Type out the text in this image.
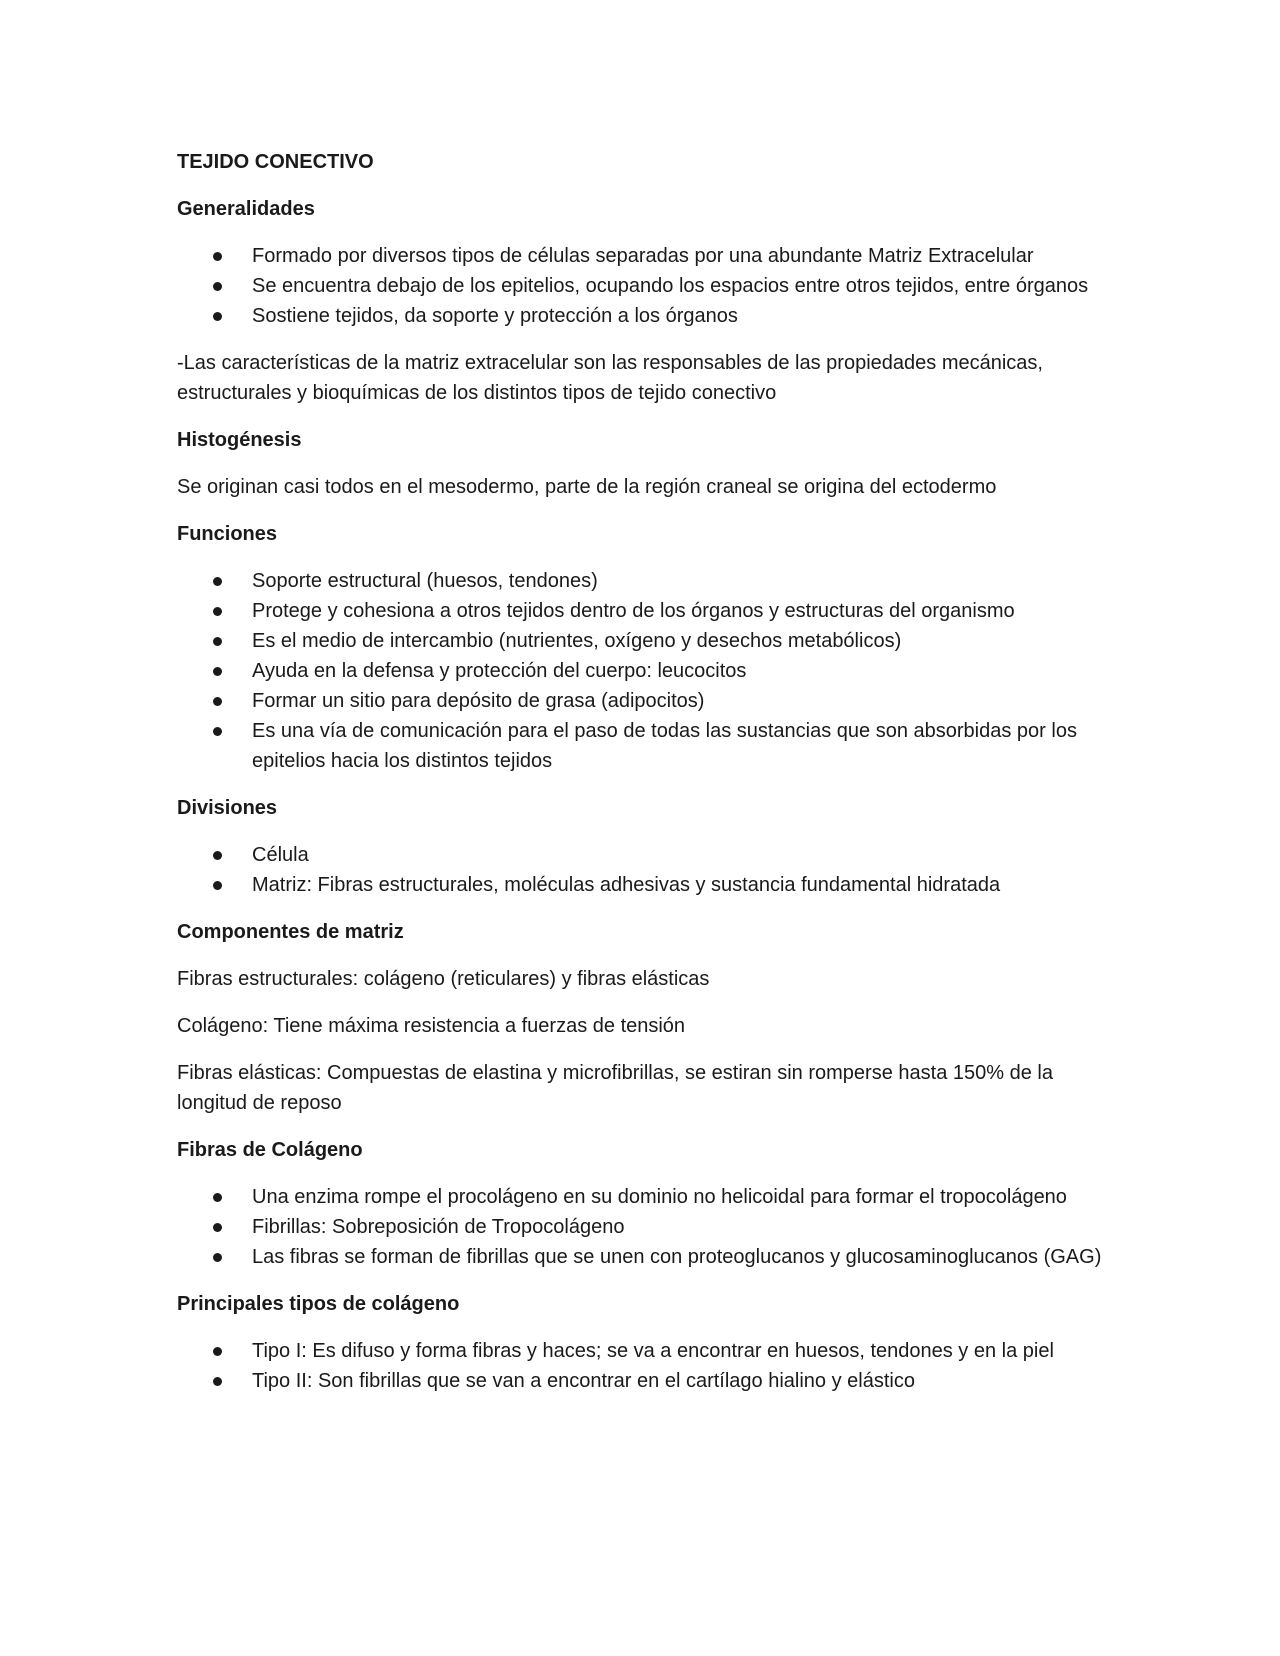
TEJIDO CONECTIVO

Generalidades

Formado por diversos tipos de células separadas por una abundante Matriz Extracelular
Se encuentra debajo de los epitelios, ocupando los espacios entre otros tejidos, entre órganos
Sostiene tejidos, da soporte y protección a los órganos

-Las características de la matriz extracelular son las responsables de las propiedades mecánicas, estructurales y bioquímicas de los distintos tipos de tejido conectivo

Histogénesis

Se originan casi todos en el mesodermo, parte de la región craneal se origina del ectodermo

Funciones

Soporte estructural (huesos, tendones)
Protege y cohesiona a otros tejidos dentro de los órganos y estructuras del organismo
Es el medio de intercambio (nutrientes, oxígeno y desechos metabólicos)
Ayuda en la defensa y protección del cuerpo: leucocitos
Formar un sitio para depósito de grasa (adipocitos)
Es una vía de comunicación para el paso de todas las sustancias que son absorbidas por los epitelios hacia los distintos tejidos

Divisiones

Célula
Matriz: Fibras estructurales, moléculas adhesivas y sustancia fundamental hidratada

Componentes de matriz

Fibras estructurales: colágeno (reticulares) y fibras elásticas

Colágeno: Tiene máxima resistencia a fuerzas de tensión

Fibras elásticas: Compuestas de elastina y microfibrillas, se estiran sin romperse hasta 150% de la longitud de reposo

Fibras de Colágeno

Una enzima rompe el procolágeno en su dominio no helicoidal para formar el tropocolágeno
Fibrillas: Sobreposición de Tropocolágeno
Las fibras se forman de fibrillas que se unen con proteoglucanos y glucosaminoglucanos (GAG)

Principales tipos de colágeno

Tipo I: Es difuso y forma fibras y haces; se va a encontrar en huesos, tendones y en la piel
Tipo II: Son fibrillas que se van a encontrar en el cartílago hialino y elástico
